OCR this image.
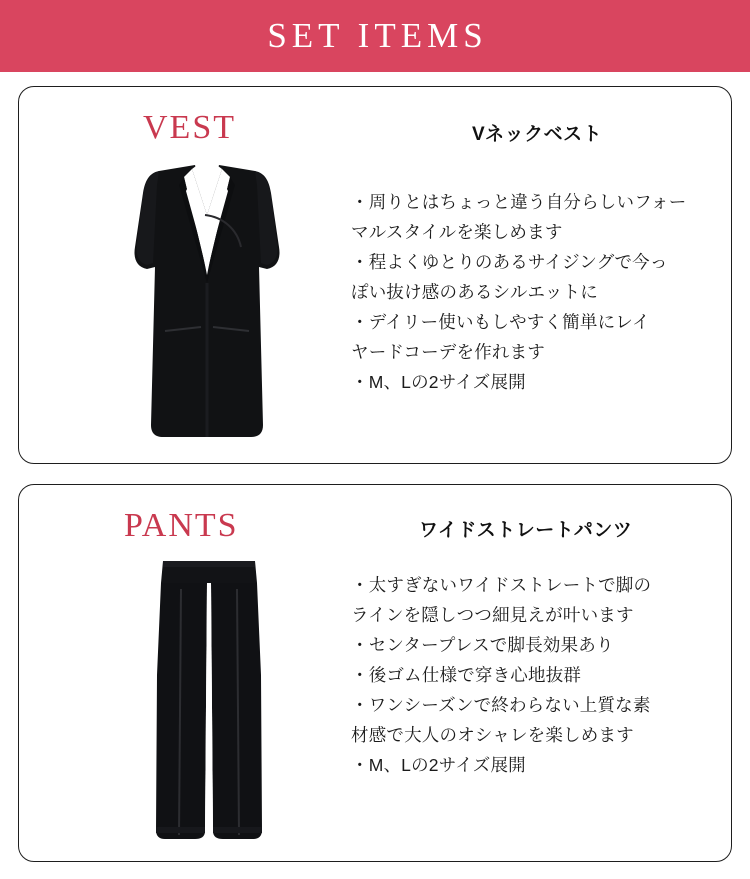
SET ITEMS
VEST	Vネックベスト

・周りとはちょっと違う自分らしいフォー

マルスタイルを楽しめます

・程よくゆとりのあるサイジングで今っ

ぽい抜け感のあるシルエットに

・デイリー使いもしやすく簡単にレイ

ヤードコーデを作れます

・M、Lの2サイズ展開

PANTS	ワイドストレートパンツ

・太すぎないワイドストレートで脚の

ラインを隠しつつ細見えが叶います

・センタープレスで脚長効果あり

・後ゴム仕様で穿き心地抜群

・ワンシーズンで終わらない上質な素

材感で大人のオシャレを楽しめます

・M、Lの2サイズ展開
